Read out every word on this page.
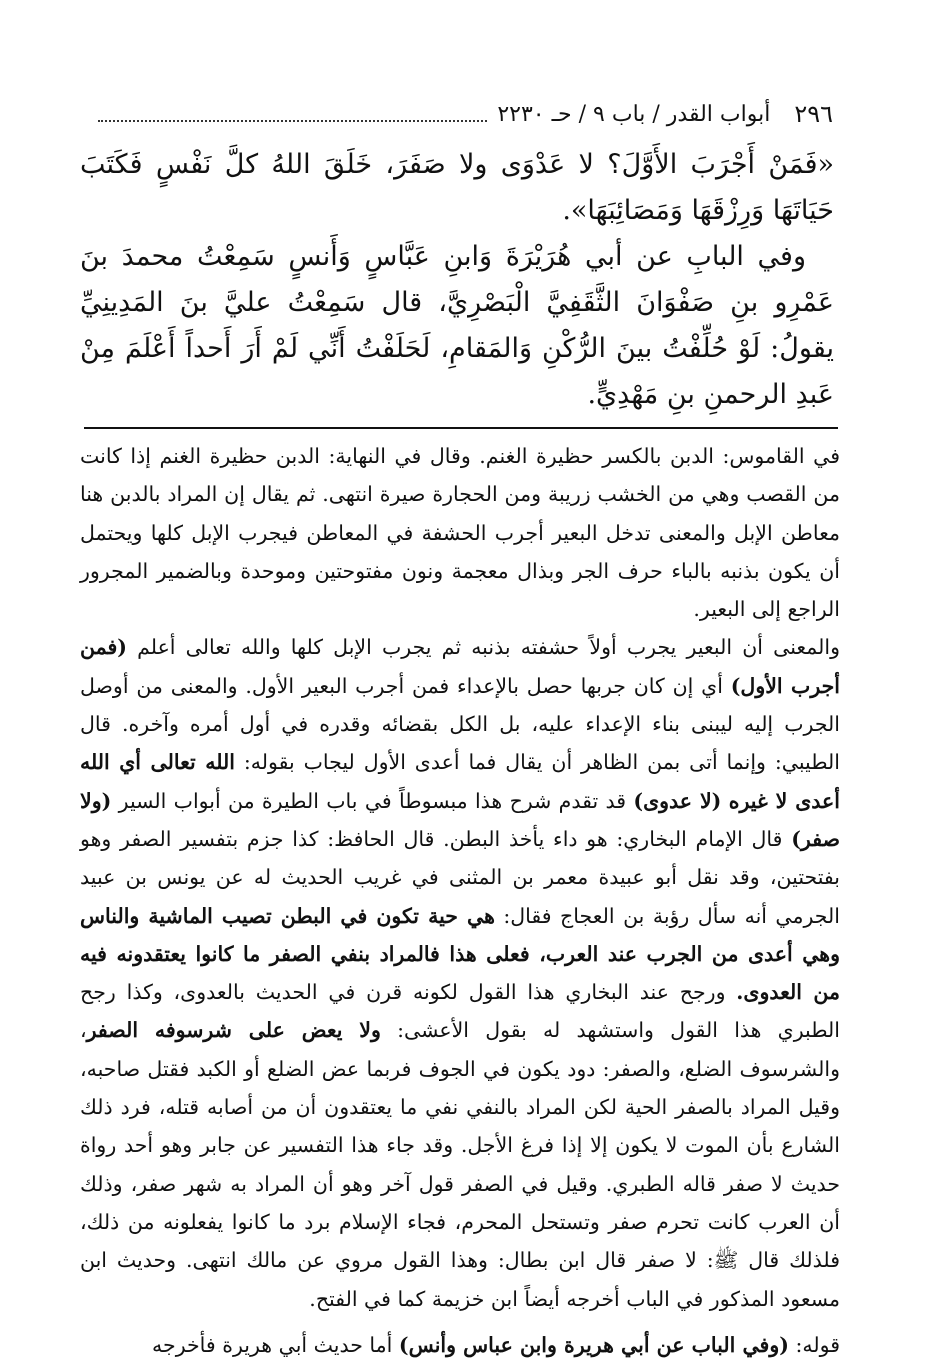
٢٩٦
أبواب القدر / باب ٩ / حـ ٢٢٣٠

«فَمَنْ أَجْرَبَ الأَوَّلَ؟ لا عَدْوَى ولا صَفَرَ، خَلَقَ اللهُ كلَّ نَفْسٍ فَكَتَبَ حَيَاتَهَا وَرِزْقَهَا وَمَصَائِبَهَا».

وفي البابِ عن أبي هُرَيْرَةَ وَابنِ عَبَّاسٍ وَأَنسٍ سَمِعْتُ محمدَ بنَ عَمْرِو بنِ صَفْوَانَ الثَّقَفِيَّ الْبَصْرِيَّ، قال سَمِعْتُ عليَّ بنَ المَدِينِيِّ يقولُ: لَوْ حُلِّفْتُ بينَ الرُّكْنِ وَالمَقامِ، لَحَلَفْتُ أَنِّي لَمْ أَرَ أَحداً أَعْلَمَ مِنْ عَبدِ الرحمنِ بنِ مَهْدِيٍّ.

في القاموس: الدبن بالكسر حظيرة الغنم. وقال في النهاية: الدبن حظيرة الغنم إذا كانت من القصب وهي من الخشب زريبة ومن الحجارة صيرة انتهى. ثم يقال إن المراد بالدبن هنا معاطن الإبل والمعنى تدخل البعير أجرب الحشفة في المعاطن فيجرب الإبل كلها ويحتمل أن يكون بذنبه بالباء حرف الجر وبذال معجمة ونون مفتوحتين وموحدة وبالضمير المجرور الراجع إلى البعير.

والمعنى أن البعير يجرب أولاً حشفته بذنبه ثم يجرب الإبل كلها والله تعالى أعلم (فمن أجرب الأول) أي إن كان جربها حصل بالإعداء فمن أجرب البعير الأول. والمعنى من أوصل الجرب إليه ليبنى بناء الإعداء عليه، بل الكل بقضائه وقدره في أول أمره وآخره. قال الطيبي: وإنما أتى بمن الظاهر أن يقال فما أعدى الأول ليجاب بقوله: الله تعالى أي الله أعدى لا غيره (لا عدوى) قد تقدم شرح هذا مبسوطاً في باب الطيرة من أبواب السير (ولا صفر) قال الإمام البخاري: هو داء يأخذ البطن. قال الحافظ: كذا جزم بتفسير الصفر وهو بفتحتين، وقد نقل أبو عبيدة معمر بن المثنى في غريب الحديث له عن يونس بن عبيد الجرمي أنه سأل رؤبة بن العجاج فقال: هي حية تكون في البطن تصيب الماشية والناس وهي أعدى من الجرب عند العرب، فعلى هذا فالمراد بنفي الصفر ما كانوا يعتقدونه فيه من العدوى. ورجح عند البخاري هذا القول لكونه قرن في الحديث بالعدوى، وكذا رجح الطبري هذا القول واستشهد له بقول الأعشى: ولا يعض على شرسوفه الصفر، والشرسوف الضلع، والصفر: دود يكون في الجوف فربما عض الضلع أو الكبد فقتل صاحبه، وقيل المراد بالصفر الحية لكن المراد بالنفي نفي ما يعتقدون أن من أصابه قتله، فرد ذلك الشارع بأن الموت لا يكون إلا إذا فرغ الأجل. وقد جاء هذا التفسير عن جابر وهو أحد رواة حديث لا صفر قاله الطبري. وقيل في الصفر قول آخر وهو أن المراد به شهر صفر، وذلك أن العرب كانت تحرم صفر وتستحل المحرم، فجاء الإسلام برد ما كانوا يفعلونه من ذلك، فلذلك قال ﷺ: لا صفر قال ابن بطال: وهذا القول مروي عن مالك انتهى. وحديث ابن مسعود المذكور في الباب أخرجه أيضاً ابن خزيمة كما في الفتح.

قوله: (وفي الباب عن أبي هريرة وابن عباس وأنس) أما حديث أبي هريرة فأخرجه
